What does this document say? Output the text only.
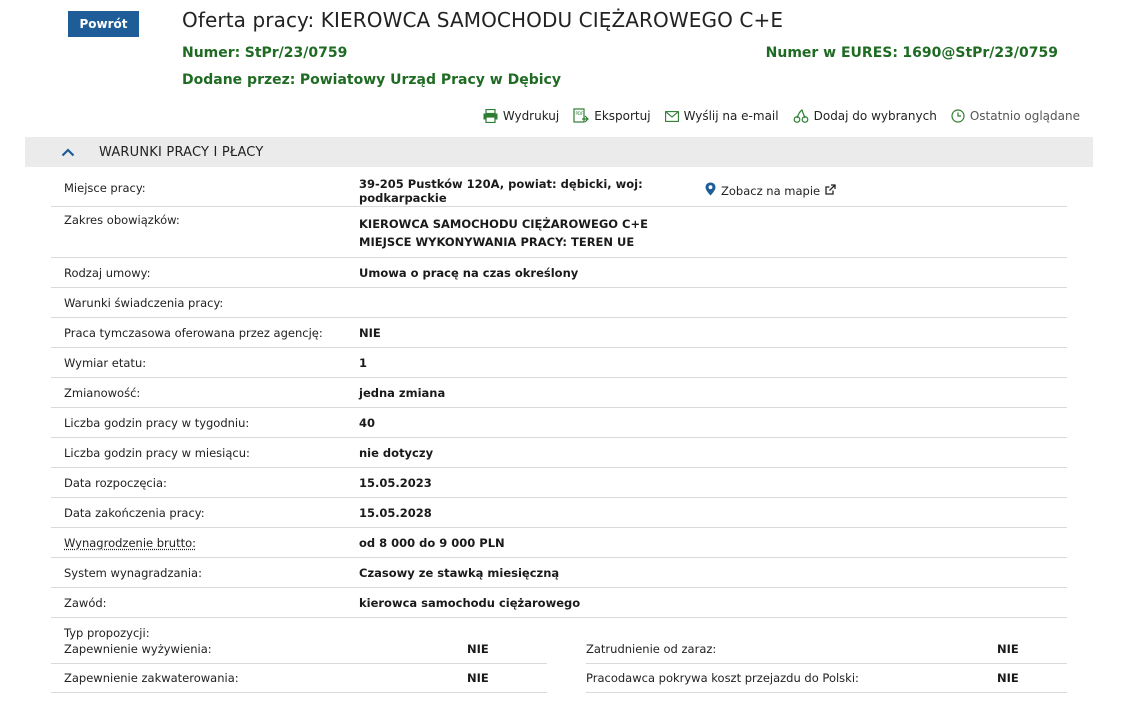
Powrót	Oferta pracy: KIEROWCA SAMOCHODU CIĘŻAROWEGO C+E
Numer: StPr/23/0759	Numer w EURES: 1690@StPr/23/0759
Dodane przez: Powiatowy Urząd Pracy w Dębicy
Wydrukuj	PDF Eksportuj	Wyślij na e-mail	Dodaj do wybranych	Ostatnio oglądane
WARUNKI PRACY I PŁACY
Miejsce pracy:	39-205 Pustków 120A, powiat: dębicki, woj: podkarpackie	Zobacz na mapie
Zakres obowiązków:	KIEROWCA SAMOCHODU CIĘŻAROWEGO C+E
MIEJSCE WYKONYWANIA PRACY: TEREN UE
Rodzaj umowy:	Umowa o pracę na czas określony
Warunki świadczenia pracy:
Praca tymczasowa oferowana przez agencję:	NIE
Wymiar etatu:	1
Zmianowość:	jedna zmiana
Liczba godzin pracy w tygodniu:	40
Liczba godzin pracy w miesiącu:	nie dotyczy
Data rozpoczęcia:	15.05.2023
Data zakończenia pracy:	15.05.2028
Wynagrodzenie brutto:	od 8 000 do 9 000 PLN
System wynagradzania:	Czasowy ze stawką miesięczną
Zawód:	kierowca samochodu ciężarowego
Typ propozycji:
Zapewnienie wyżywienia:	NIE
Zapewnienie zakwaterowania:	NIE
Zatrudnienie od zaraz:	NIE
Pracodawca pokrywa koszt przejazdu do Polski:	NIE
